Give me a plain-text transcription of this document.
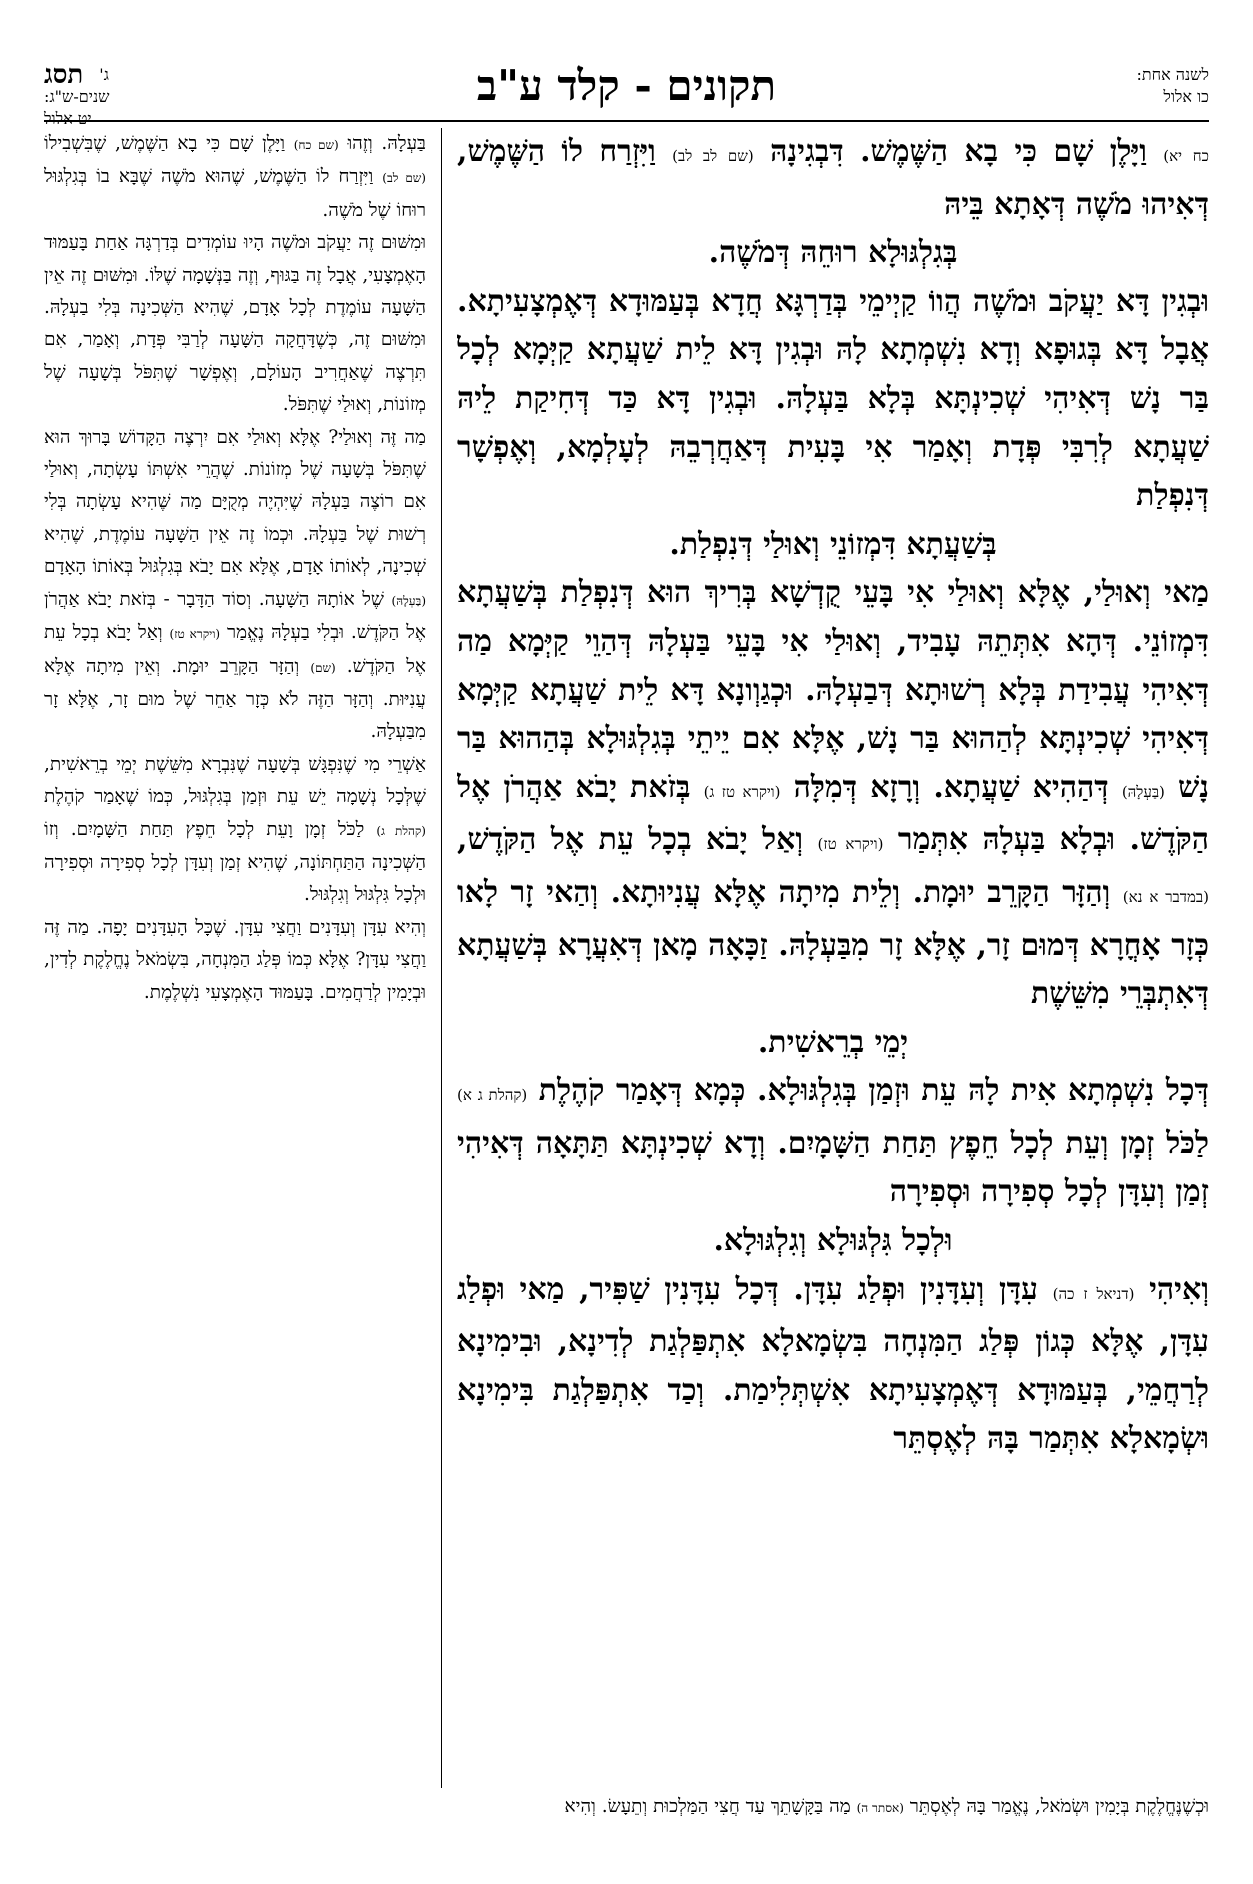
לשנה אחת:
כו אלול
תקונים - קלד ע"ב
תסג	ג' שנים-ש"ג:
יט אלול

כח יא) וַיָּלֶן שָׁם כִּי בָא הַשֶּׁמֶשׁ. דִּבְגִינָהּ (שם לב לב) וַיִּזְרַח לוֹ הַשֶּׁמֶשׁ, דְּאִיהוּ מֹשֶׁה דְּאָתָא בֵּיהּ

בְּגִלְגּוּלָא רוּחֵהּ דְּמֹשֶׁה.

וּבְגִין דָּא יַעֲקֹב וּמֹשֶׁה הֲווֹ קַיְימֵי בְּדַרְגָּא חֲדָא בְּעַמּוּדָא דְּאֶמְצָעִיתָא. אֲבָל דָּא בְּגוּפָא וְדָא נִשְׁמְתָא לָהּ וּבְגִין דָּא לֵית שַׁעֲתָא קַיְּמָא לְכָל בַּר נָשׁ דְּאִיהִי שְׁכִינְתָּא בְּלָא בַּעְלָהּ. וּבְגִין דָּא כַּד דְּחִיקַת לֵיהּ שַׁעֲתָא לְרִבִּי פְּדָת וְאָמַר אִי בָּעִית דְּאַחֲרְבֵהּ לְעָלְמָא, וְאֶפְשָׁר דְּנִפְלַת

בְּשַׁעֲתָא דִּמְזוֹנֵי וְאוּלַי דְּנִפְלַת.

מַאי וְאוּלַי, אֶלָּא וְאוּלַי אִי בָּעֵי קֻדְשָׁא בְּרִיךְ הוּא דְּנִפְלַת בְּשַׁעֲתָא דִּמְזוֹנֵי. דְּהָא אִתְּתֵהּ עָבִיד, וְאוּלַי אִי בָּעֵי בַּעְלָהּ דְּהַוֵי קַיְּמָא מַה דְּאִיהִי עֲבִידַת בְּלָא רְשׁוּתָא דְּבַעְלָהּ. וּכְגַוְונָא דָּא לֵית שַׁעֲתָא קַיְּמָא דְּאִיהִי שְׁכִינְתָּא לְהַהוּא בַּר נָשׁ, אֶלָּא אִם יֵיתֵי בְּגִלְגּוּלָא בְּהַהוּא בַּר נָשׁ (בַּעְלָהּ) דְּהַהִיא שַׁעֲתָא. וְרָזָא דְּמִלָּה (ויקרא טז ג) בְּזֹאת יָבֹא אַהֲרֹן אֶל הַקֹּדֶשׁ. וּבְלָא בַּעְלָהּ אִתְּמַר (ויקרא טז) וְאַל יָבֹא בְכָל עֵת אֶל הַקֹּדֶשׁ, (במדבר א נא) וְהַזָּר הַקָּרֵב יוּמָת. וְלֵית מִיתָה אֶלָּא עֲנִיוּתָא. וְהַאי זָר לָאו כְּזָר אָחֳרָא דְּמוּם זָר, אֶלָּא זָר מִבַּעְלָהּ. זַכָּאָה מָאן דְּאִעֲרָא בְּשַׁעֲתָא דְּאִתְבְּרֵי מִשֵּׁשֶׁת

יְמֵי בְרֵאשִׁית.

דְּכָל נִשְׁמְתָא אִית לָהּ עֵת וּזְמַן בְּגִלְגּוּלָא. כְּמָא דְּאָמַר קֹהֶלֶת (קהלת ג א) לַכֹּל זְמָן וְעֵת לְכָל חֵפֶץ תַּחַת הַשָּׁמָיִם. וְדָא שְׁכִינְתָּא תַּתָּאָה דְּאִיהִי זְמַן וְעִדָּן לְכָל סְפִירָה וּסְפִירָה

וּלְכָל גִּלְגּוּלָא וְגִלְגּוּלָא.

וְאִיהִי (דניאל ז כה) עִדָּן וְעִדָּנִין וּפְלַג עִדָּן. דְּכָל עִדָּנִין שַׁפִּיר, מַאי וּפְלַג עִדָּן, אֶלָּא כְּגוֹן פְּלַג הַמִּנְחָה בִּשְׂמָאלָא אִתְפַּלְגַת לְדִינָא, וּבִימִינָא לְרַחֲמֵי, בְּעַמּוּדָא דְּאֶמְצָעִיתָא אִשְׁתְּלִימַת. וְכַד אִתְפַּלְגַת בִּימִינָא וּשְׂמָאלָא אִתְּמַר בָּהּ לְאֶסְתֵּר

בַּעְלָהּ. וְזֶהוּ (שם כח) וַיָּלֶן שָׁם כִּי בָא הַשֶּׁמֶשׁ, שֶׁבִּשְׁבִילוֹ (שם לב) וַיִּזְרַח לוֹ הַשֶּׁמֶשׁ, שֶׁהוּא מֹשֶׁה שֶׁבָּא בוֹ בְּגִלְגּוּל רוּחוֹ שֶׁל מֹשֶׁה.

וּמִשּׁוּם זֶה יַעֲקֹב וּמֹשֶׁה הָיוּ עוֹמְדִים בְּדַרְגָּה אַחַת בָּעַמּוּד הָאֶמְצָעִי, אֲבָל זֶה בַּגּוּף, וְזֶה בַּנְּשָׁמָה שֶׁלּוֹ. וּמִשּׁוּם זֶה אֵין הַשָּׁעָה עוֹמֶדֶת לְכָל אָדָם, שֶׁהִיא הַשְּׁכִינָה בְּלִי בַעְלָהּ. וּמִשּׁוּם זֶה, כְּשֶׁדָּחֲקָה הַשָּׁעָה לְרַבִּי פְּדָת, וְאָמַר, אִם תִּרְצֶה שֶׁאַחֲרִיב הָעוֹלָם, וְאֶפְשָׁר שֶׁתִּפֹּל בְּשָׁעָה שֶׁל מְזוֹנוֹת, וְאוּלַי שֶׁתִּפֹּל.

מַה זֶּה וְאוּלַי? אֶלָּא וְאוּלַי אִם יִרְצֶה הַקָּדוֹשׁ בָּרוּךְ הוּא שֶׁתִּפֹּל בְּשָׁעָה שֶׁל מְזוֹנוֹת. שֶׁהֲרֵי אִשְׁתּוֹ עָשְׂתָה, וְאוּלַי אִם רוֹצֶה בַּעְלָהּ שֶׁיִּהְיֶה מְקֻיָּם מַה שֶּׁהִיא עָשְׂתָה בְּלִי רְשׁוּת שֶׁל בַּעְלָהּ. וּכְמוֹ זֶה אֵין הַשָּׁעָה עוֹמֶדֶת, שֶׁהִיא שְׁכִינָה, לְאוֹתוֹ אָדָם, אֶלָּא אִם יָבֹא בְּגִלְגּוּל בְּאוֹתוֹ הָאָדָם (בַּעְלָהּ) שֶׁל אוֹתָהּ הַשָּׁעָה. וְסוֹד הַדָּבָר - בְּזֹאת יָבֹא אַהֲרֹן אֶל הַקֹּדֶשׁ. וּבְלִי בַעְלָהּ נֶאֱמַר (ויקרא טז) וְאַל יָבֹא בְכָל עֵת אֶל הַקֹּדֶשׁ. (שם) וְהַזָּר הַקָּרֵב יוּמָת. וְאֵין מִיתָה אֶלָּא עֲנִיּוּת. וְהַזָּר הַזֶּה לֹא כְּזָר אַחֵר שֶׁל מוּם זָר, אֶלָּא זָר מִבַּעְלָהּ.

אַשְׁרֵי מִי שֶׁנִּפְגָּשׁ בְּשָׁעָה שֶׁנִּבְרָא מִשֵּׁשֶׁת יְמֵי בְרֵאשִׁית, שֶׁלְּכָל נְשָׁמָה יֵשׁ עֵת וּזְמַן בְּגִלְגּוּל, כְּמוֹ שֶׁאָמַר קֹהֶלֶת (קהלת ג) לַכֹּל זְמָן וָעֵת לְכָל חֵפֶץ תַּחַת הַשָּׁמָיִם. וְזוֹ הַשְּׁכִינָה הַתַּחְתּוֹנָה, שֶׁהִיא זְמַן וְעִדָּן לְכָל סְפִירָה וּסְפִירָה וּלְכָל גִּלְגּוּל וְגִלְגּוּל.

וְהִיא עִדָּן וְעִדָּנִים וַחֲצִי עִדָּן. שֶׁכָּל הָעִדָּנִים יָפָה. מַה זֶּה וַחֲצִי עִדָּן? אֶלָּא כְּמוֹ פְּלַג הַמִּנְחָה, בִּשְׂמֹאל נֶחֱלֶקֶת לְדִין, וּבְיָמִין לְרַחֲמִים. בָּעַמּוּד הָאֶמְצָעִי נִשְׁלֶמֶת.

וּכְשֶׁנֶּחֱלֶקֶת בְּיָמִין וּשְׂמֹאל, נֶאֱמַר בָּהּ לְאֶסְתֵּר (אסתר ה) מַה בַּקָּשָׁתֵךְ עַד חֲצִי הַמַּלְכוּת וְתֵעָשׂ. וְהִיא
